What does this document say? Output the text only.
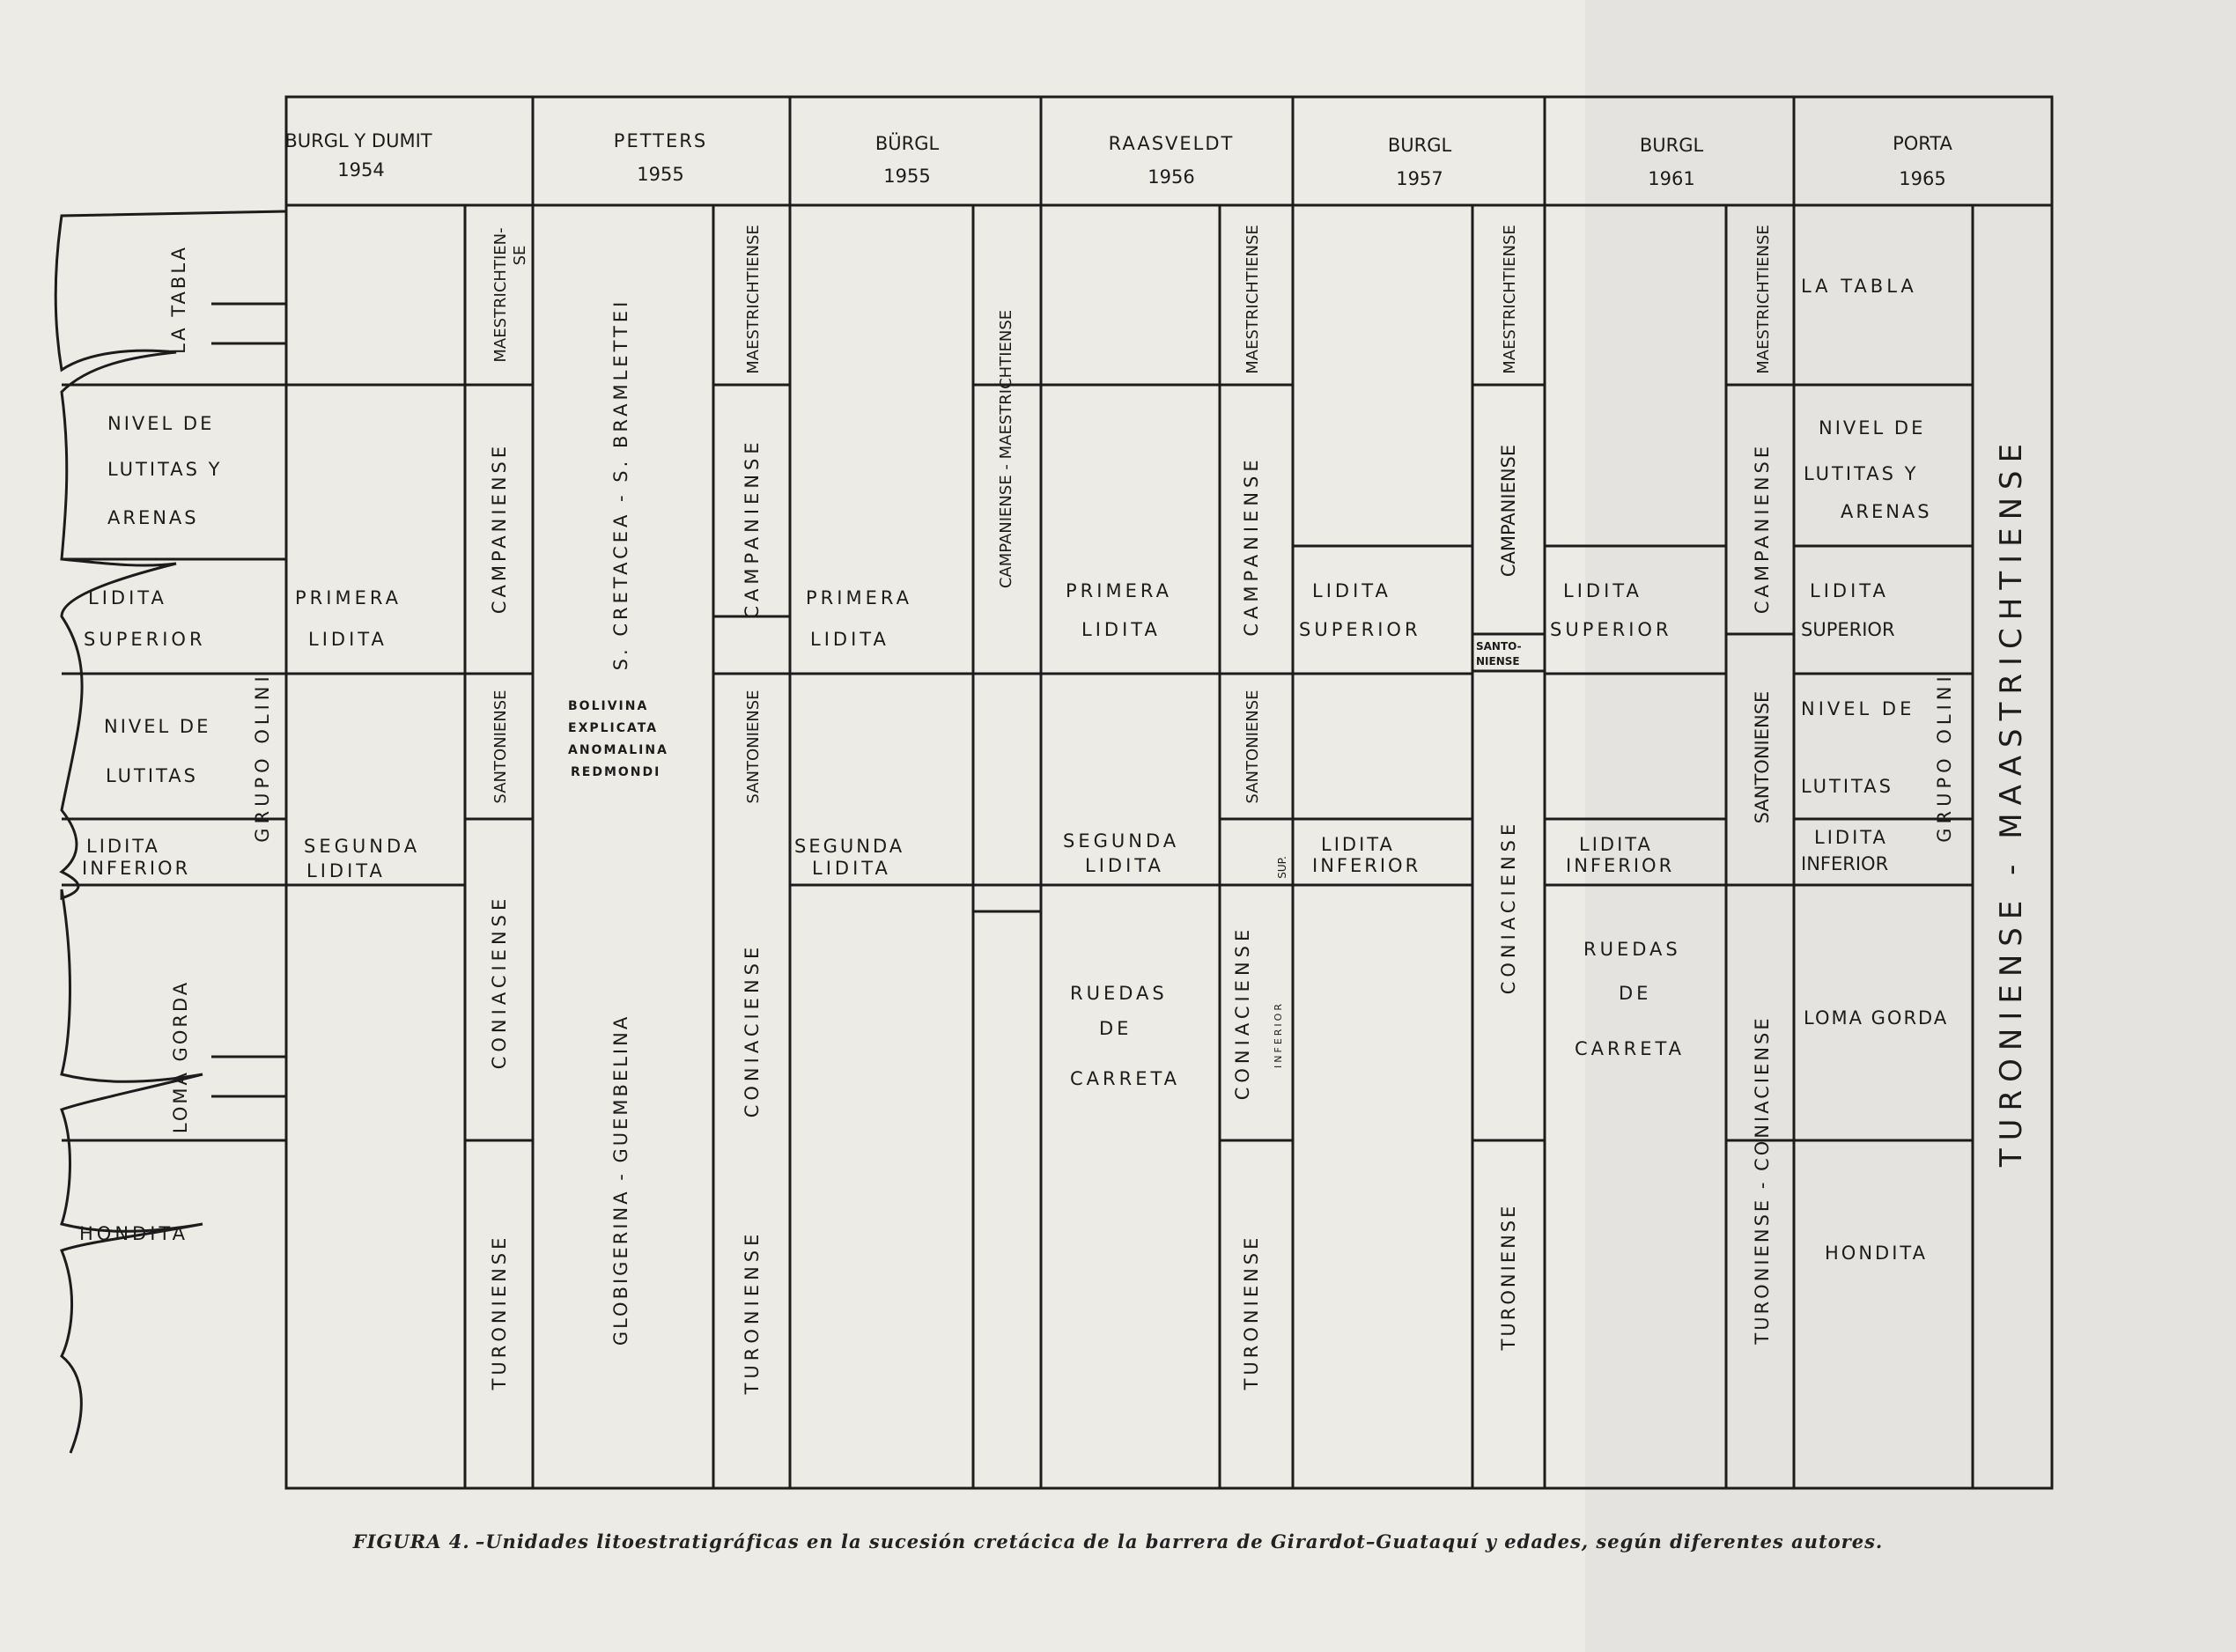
BURGL Y DUMIT
1954
PETTERS
1955
BÜRGL
1955
RAASVELDT
1956
BURGL
1957
BURGL
1961
PORTA
1965
LA TABLA
NIVEL DE
LUTITAS Y
ARENAS
LIDITA
SUPERIOR
NIVEL DE
LUTITAS
LIDITA
INFERIOR
LOMA GORDA
HONDITA
PRIMERA
LIDITA
SEGUNDA
LIDITA
GRUPO OLINI
MAESTRICHTIEN- SE
CAMPANIENSE
SANTONIENSE
CONIACIENSE
TURONIENSE
S. CRETACEA - S. BRAMLETTEI
BOLIVINA
EXPLICATA
ANOMALINA
REDMONDI
GLOBIGERINA - GUEMBELINA
MAESTRICHTIENSE
CAMPANIENSE
SANTONIENSE
CONIACIENSE
TURONIENSE
PRIMERA
LIDITA
SEGUNDA
LIDITA
CAMPANIENSE - MAESTRICHTIENSE
PRIMERA
LIDITA
SEGUNDA
LIDITA
RUEDAS
DE
CARRETA
MAESTRICHTIENSE
CAMPANIENSE
SANTONIENSE
CONIACIENSE INFERIOR
SUP.
TURONIENSE
LIDITA
SUPERIOR
LIDITA
INFERIOR
MAESTRICHTIENSE
CAMPANIENSE
SANTO-
NIENSE
CONIACIENSE
TURONIENSE
LIDITA
SUPERIOR
LIDITA
INFERIOR
RUEDAS
DE
CARRETA
MAESTRICHTIENSE
CAMPANIENSE
SANTONIENSE
TURONIENSE - CONIACIENSE
LA TABLA
NIVEL DE
LUTITAS Y
ARENAS
LIDITA
SUPERIOR
NIVEL DE
LUTITAS
LIDITA
INFERIOR
LOMA GORDA
HONDITA
GRUPO OLINI TURONIENSE - MAASTRICHTIENSE
FIGURA 4. –Unidades litoestratigráficas en la sucesión cretácica de la barrera de Girardot–Guataquí y edades, según diferentes autores.
